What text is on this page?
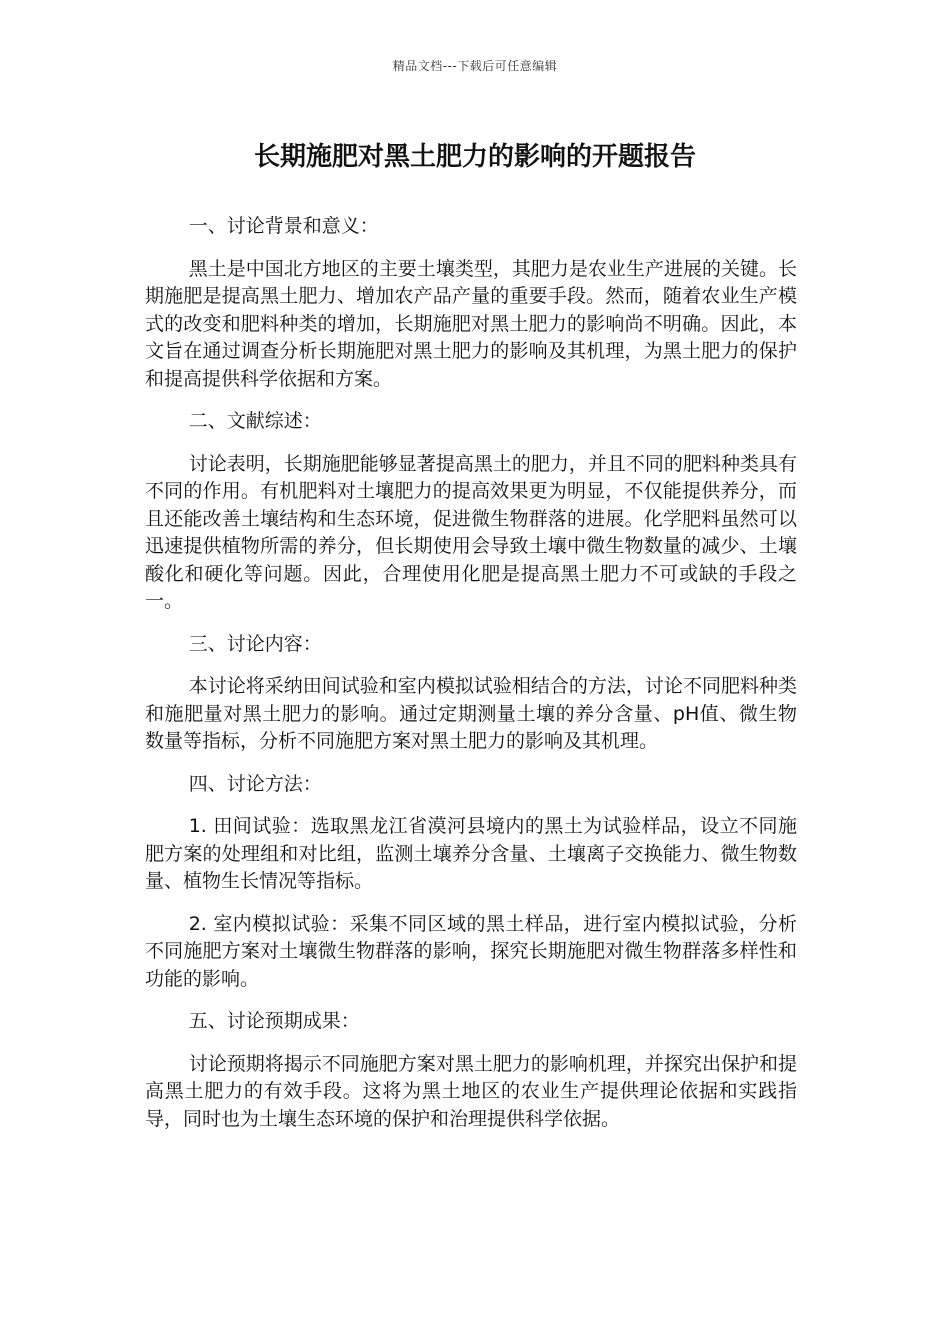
精品文档---下载后可任意编辑
长期施肥对黑土肥力的影响的开题报告

一、讨论背景和意义：

黑土是中国北方地区的主要土壤类型，其肥力是农业生产进展的关键。长期施肥是提高黑土肥力、增加农产品产量的重要手段。然而，随着农业生产模式的改变和肥料种类的增加，长期施肥对黑土肥力的影响尚不明确。因此，本文旨在通过调查分析长期施肥对黑土肥力的影响及其机理，为黑土肥力的保护和提高提供科学依据和方案。

二、文献综述：

讨论表明，长期施肥能够显著提高黑土的肥力，并且不同的肥料种类具有不同的作用。有机肥料对土壤肥力的提高效果更为明显，不仅能提供养分，而且还能改善土壤结构和生态环境，促进微生物群落的进展。化学肥料虽然可以迅速提供植物所需的养分，但长期使用会导致土壤中微生物数量的减少、土壤酸化和硬化等问题。因此，合理使用化肥是提高黑土肥力不可或缺的手段之一。

三、讨论内容：

本讨论将采纳田间试验和室内模拟试验相结合的方法，讨论不同肥料种类和施肥量对黑土肥力的影响。通过定期测量土壤的养分含量、pH值、微生物数量等指标，分析不同施肥方案对黑土肥力的影响及其机理。

四、讨论方法：

1. 田间试验：选取黑龙江省漠河县境内的黑土为试验样品，设立不同施肥方案的处理组和对比组，监测土壤养分含量、土壤离子交换能力、微生物数量、植物生长情况等指标。

2. 室内模拟试验：采集不同区域的黑土样品，进行室内模拟试验，分析不同施肥方案对土壤微生物群落的影响，探究长期施肥对微生物群落多样性和功能的影响。

五、讨论预期成果：

讨论预期将揭示不同施肥方案对黑土肥力的影响机理，并探究出保护和提高黑土肥力的有效手段。这将为黑土地区的农业生产提供理论依据和实践指导，同时也为土壤生态环境的保护和治理提供科学依据。
